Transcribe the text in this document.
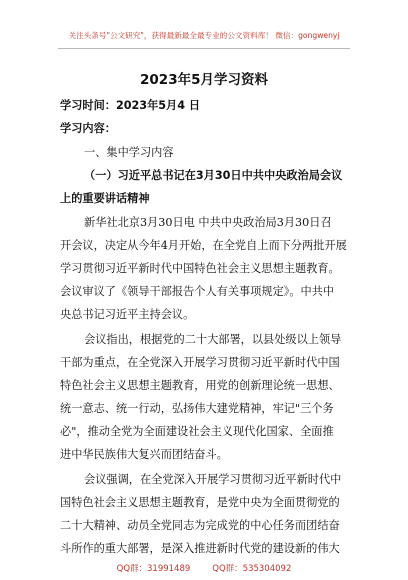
关注头条号"公文研究"，获得最新最全最专业的公文资料库！ 微信：gongwenyj
2023年5月学习资料
学习时间：2023年5月4 日
学习内容：
一、集中学习内容
（一）习近平总书记在3月30日中共中央政治局会议
上的重要讲话精神
新华社北京3月30日电 中共中央政治局3月30日召
开会议，决定从今年4月开始，在全党自上而下分两批开展
学习贯彻习近平新时代中国特色社会主义思想主题教育。
会议审议了《领导干部报告个人有关事项规定》。中共中
央总书记习近平主持会议。
会议指出，根据党的二十大部署，以县处级以上领导
干部为重点，在全党深入开展学习贯彻习近平新时代中国
特色社会主义思想主题教育，用党的创新理论统一思想、
统一意志、统一行动，弘扬伟大建党精神，牢记"三个务
必"，推动全党为全面建设社会主义现代化国家、全面推
进中华民族伟大复兴而团结奋斗。
会议强调，在全党深入开展学习贯彻习近平新时代中
国特色社会主义思想主题教育，是党中央为全面贯彻党的
二十大精神、动员全党同志为完成党的中心任务而团结奋
斗所作的重大部署，是深入推进新时代党的建设新的伟大
QQ群：31991489	QQ群：535304092
